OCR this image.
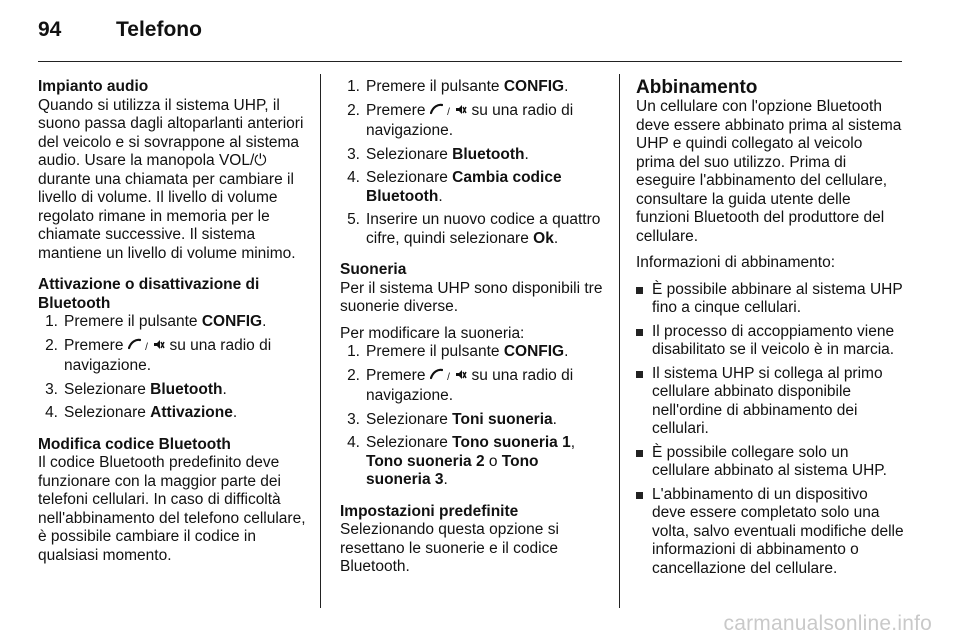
94	Telefono
Impianto audio
Quando si utilizza il sistema UHP, il suono passa dagli altoparlanti anteriori del veicolo e si sovrappone al sistema audio. Usare la manopola VOL/⏻ durante una chiamata per cambiare il livello di volume. Il livello di volume regolato rimane in memoria per le chiamate successive. Il sistema mantiene un livello di volume minimo.
Attivazione o disattivazione di Bluetooth
1. Premere il pulsante CONFIG.
2. Premere  /  su una radio di navigazione.
3. Selezionare Bluetooth.
4. Selezionare Attivazione.
Modifica codice Bluetooth
Il codice Bluetooth predefinito deve funzionare con la maggior parte dei telefoni cellulari. In caso di difficoltà nell'abbinamento del telefono cellulare, è possibile cambiare il codice in qualsiasi momento.
1. Premere il pulsante CONFIG.
2. Premere  /  su una radio di navigazione.
3. Selezionare Bluetooth.
4. Selezionare Cambia codice Bluetooth.
5. Inserire un nuovo codice a quattro cifre, quindi selezionare Ok.
Suoneria

Per il sistema UHP sono disponibili tre suonerie diverse.

Per modificare la suoneria:
1. Premere il pulsante CONFIG.
2. Premere  /  su una radio di navigazione.
3. Selezionare Toni suoneria.
4. Selezionare Tono suoneria 1, Tono suoneria 2 o Tono suoneria 3.
Impostazioni predefinite
Selezionando questa opzione si resettano le suonerie e il codice Bluetooth.
Abbinamento

Un cellulare con l'opzione Bluetooth deve essere abbinato prima al sistema UHP e quindi collegato al veicolo prima del suo utilizzo. Prima di eseguire l'abbinamento del cellulare, consultare la guida utente delle funzioni Bluetooth del produttore del cellulare.

Informazioni di abbinamento:

È possibile abbinare al sistema UHP fino a cinque cellulari.
Il processo di accoppiamento viene disabilitato se il veicolo è in marcia.
Il sistema UHP si collega al primo cellulare abbinato disponibile nell'ordine di abbinamento dei cellulari.
È possibile collegare solo un cellulare abbinato al sistema UHP.
L'abbinamento di un dispositivo deve essere completato solo una volta, salvo eventuali modifiche delle informazioni di abbinamento o cancellazione del cellulare.
carmanualsonline.info
